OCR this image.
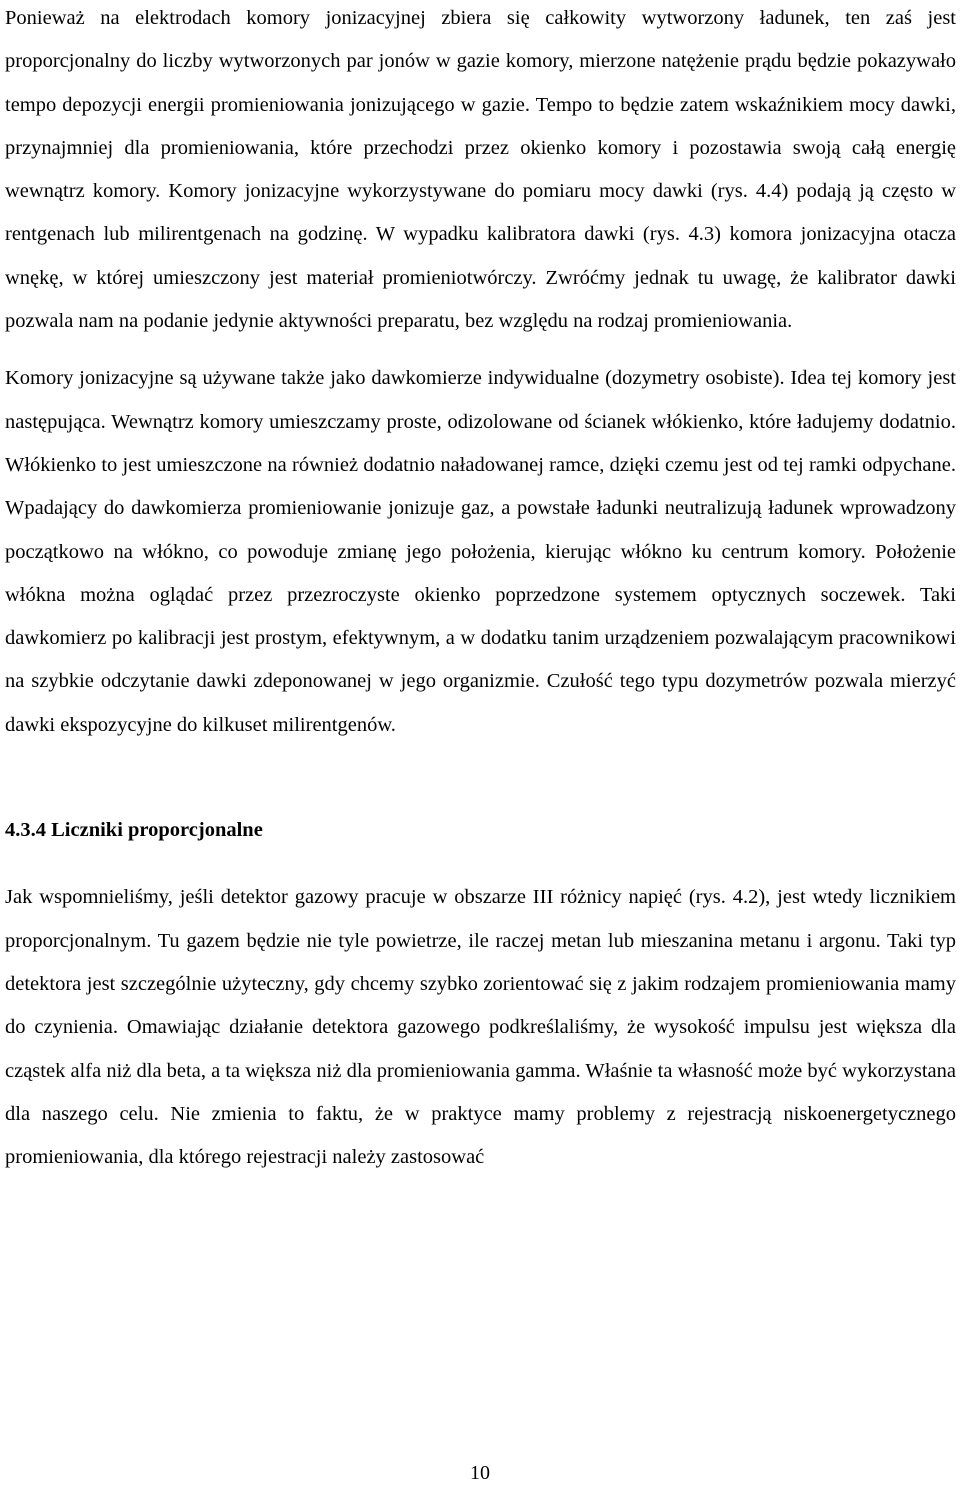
Ponieważ na elektrodach komory jonizacyjnej zbiera się całkowity wytworzony ładunek, ten zaś jest proporcjonalny do liczby wytworzonych par jonów w gazie komory, mierzone natężenie prądu będzie pokazywało tempo depozycji energii promieniowania jonizującego w gazie. Tempo to będzie zatem wskaźnikiem mocy dawki, przynajmniej dla promieniowania, które przechodzi przez okienko komory i pozostawia swoją całą energię wewnątrz komory. Komory jonizacyjne wykorzystywane do pomiaru mocy dawki (rys. 4.4) podają ją często w rentgenach lub milirentgenach na godzinę. W wypadku kalibratora dawki (rys. 4.3) komora jonizacyjna otacza wnękę, w której umieszczony jest materiał promieniotwórczy. Zwróćmy jednak tu uwagę, że kalibrator dawki pozwala nam na podanie jedynie aktywności preparatu, bez względu na rodzaj promieniowania.

Komory jonizacyjne są używane także jako dawkomierze indywidualne (dozymetry osobiste). Idea tej komory jest następująca. Wewnątrz komory umieszczamy proste, odizolowane od ścianek włókienko, które ładujemy dodatnio. Włókienko to jest umieszczone na również dodatnio naładowanej ramce, dzięki czemu jest od tej ramki odpychane. Wpadający do dawkomierza promieniowanie jonizuje gaz, a powstałe ładunki neutralizują ładunek wprowadzony początkowo na włókno, co powoduje zmianę jego położenia, kierując włókno ku centrum komory. Położenie włókna można oglądać przez przezroczyste okienko poprzedzone systemem optycznych soczewek. Taki dawkomierz po kalibracji jest prostym, efektywnym, a w dodatku tanim urządzeniem pozwalającym pracownikowi na szybkie odczytanie dawki zdeponowanej w jego organizmie. Czułość tego typu dozymetrów pozwala mierzyć dawki ekspozycyjne do kilkuset milirentgenów.

4.3.4 Liczniki proporcjonalne

Jak wspomnieliśmy, jeśli detektor gazowy pracuje w obszarze III różnicy napięć (rys. 4.2), jest wtedy licznikiem proporcjonalnym. Tu gazem będzie nie tyle powietrze, ile raczej metan lub mieszanina metanu i argonu. Taki typ detektora jest szczególnie użyteczny, gdy chcemy szybko zorientować się z jakim rodzajem promieniowania mamy do czynienia. Omawiając działanie detektora gazowego podkreślaliśmy, że wysokość impulsu jest większa dla cząstek alfa niż dla beta, a ta większa niż dla promieniowania gamma. Właśnie ta własność może być wykorzystana dla naszego celu. Nie zmienia to faktu, że w praktyce mamy problemy z rejestracją niskoenergetycznego promieniowania, dla którego rejestracji należy zastosować

10
